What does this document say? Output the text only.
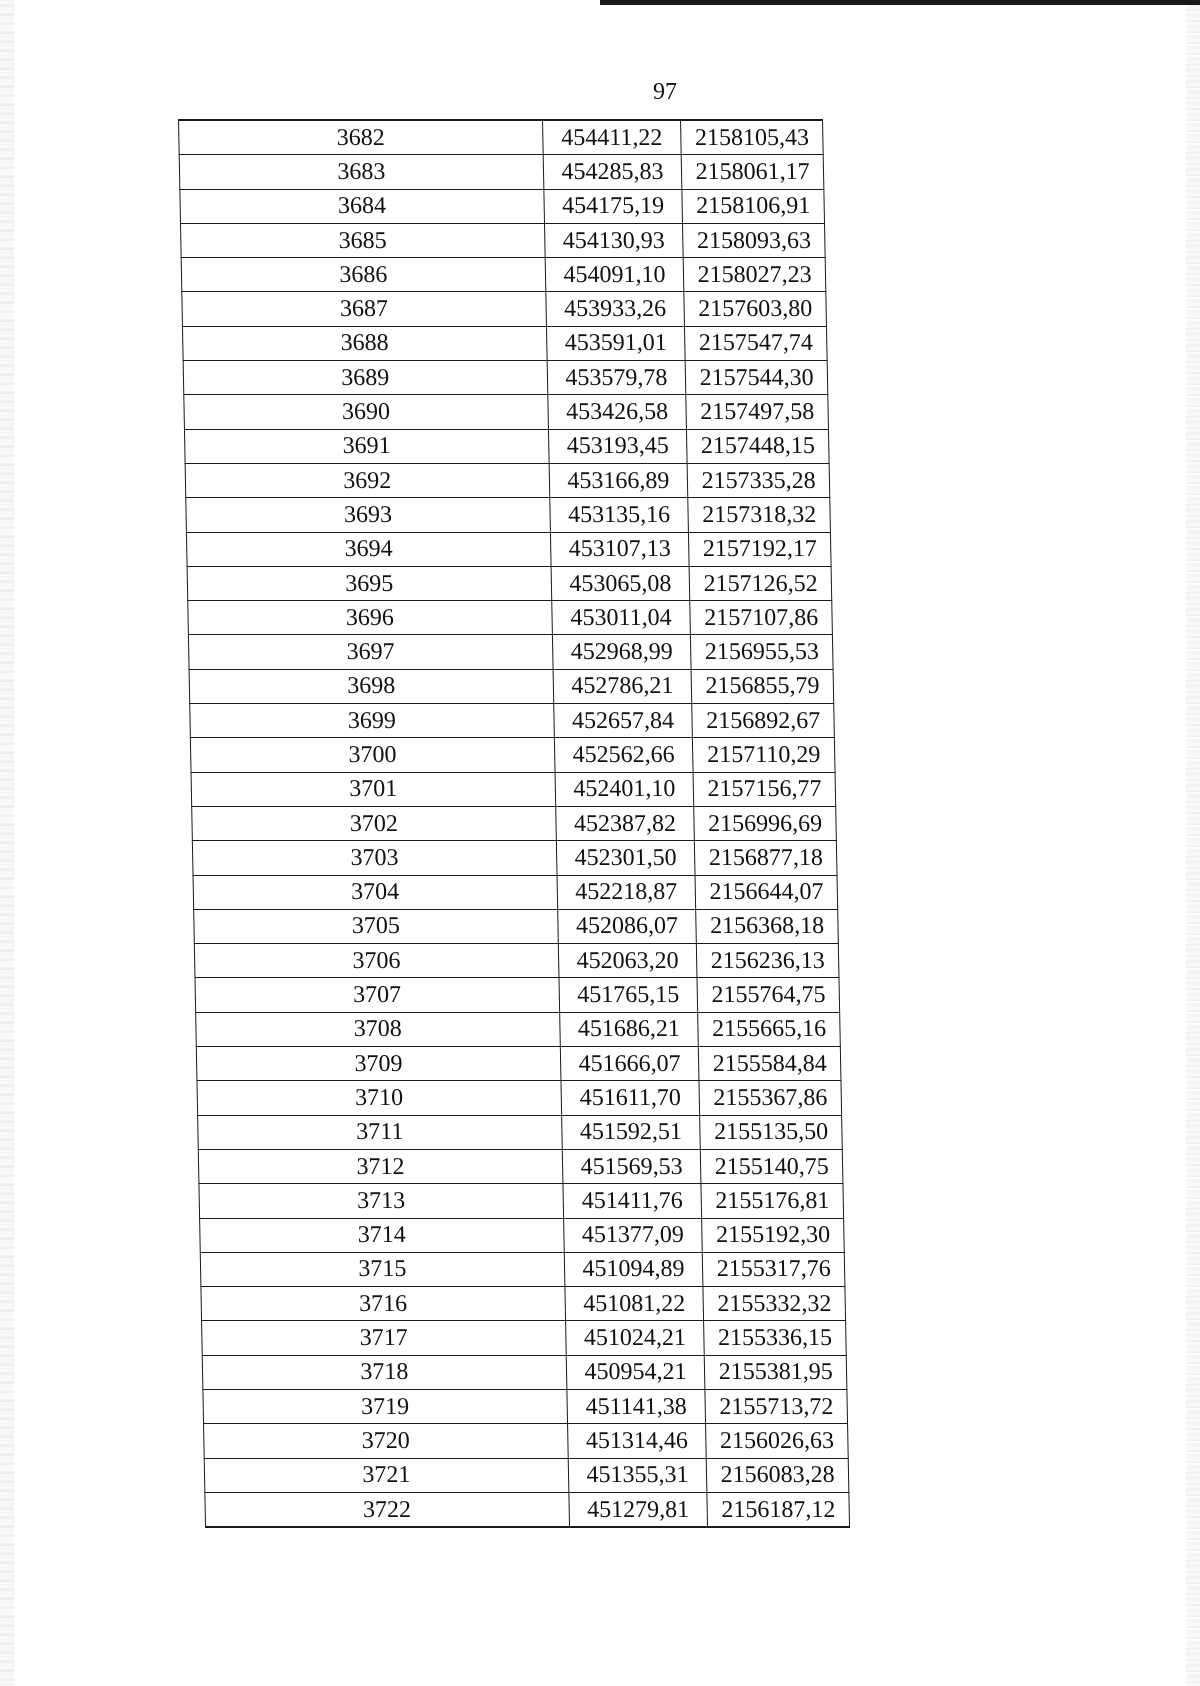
97
3682	454411,22	2158105,43
3683	454285,83	2158061,17
3684	454175,19	2158106,91
3685	454130,93	2158093,63
3686	454091,10	2158027,23
3687	453933,26	2157603,80
3688	453591,01	2157547,74
3689	453579,78	2157544,30
3690	453426,58	2157497,58
3691	453193,45	2157448,15
3692	453166,89	2157335,28
3693	453135,16	2157318,32
3694	453107,13	2157192,17
3695	453065,08	2157126,52
3696	453011,04	2157107,86
3697	452968,99	2156955,53
3698	452786,21	2156855,79
3699	452657,84	2156892,67
3700	452562,66	2157110,29
3701	452401,10	2157156,77
3702	452387,82	2156996,69
3703	452301,50	2156877,18
3704	452218,87	2156644,07
3705	452086,07	2156368,18
3706	452063,20	2156236,13
3707	451765,15	2155764,75
3708	451686,21	2155665,16
3709	451666,07	2155584,84
3710	451611,70	2155367,86
3711	451592,51	2155135,50
3712	451569,53	2155140,75
3713	451411,76	2155176,81
3714	451377,09	2155192,30
3715	451094,89	2155317,76
3716	451081,22	2155332,32
3717	451024,21	2155336,15
3718	450954,21	2155381,95
3719	451141,38	2155713,72
3720	451314,46	2156026,63
3721	451355,31	2156083,28
3722	451279,81	2156187,12
